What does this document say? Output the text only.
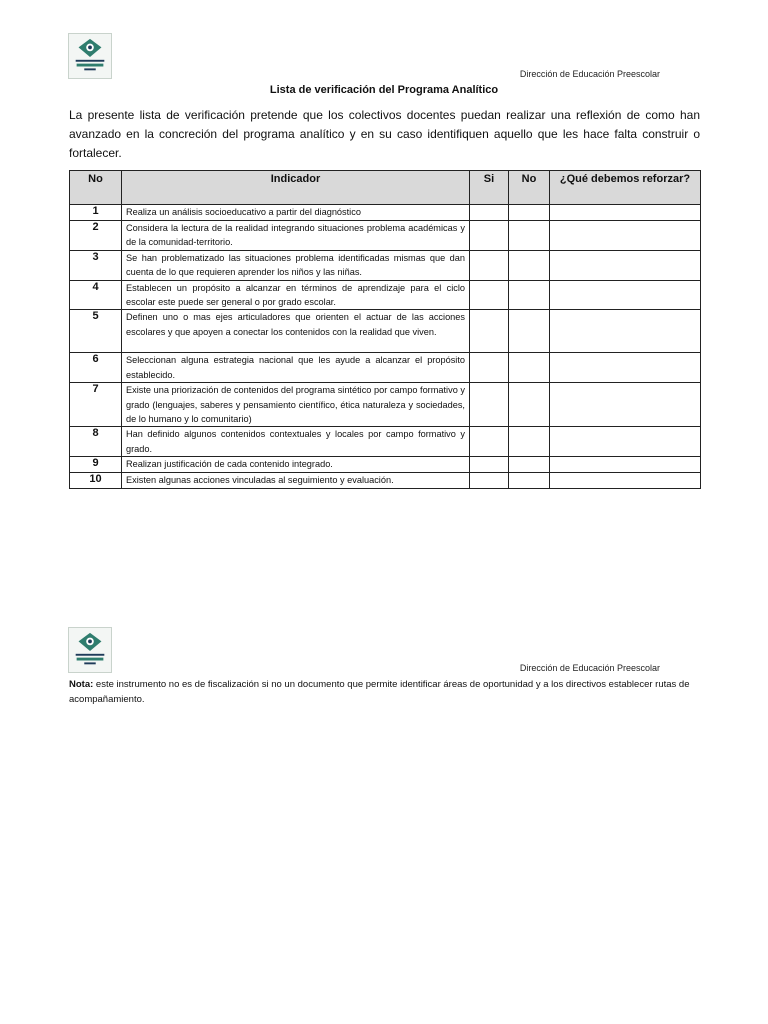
Dirección de Educación Preescolar
Lista de verificación del Programa Analítico

La presente lista de verificación pretende que los colectivos docentes puedan realizar una reflexión de como han avanzado en la concreción del programa analítico y en su caso identifiquen aquello que les hace falta construir o fortalecer.

No	Indicador	Si	No	¿Qué debemos reforzar?
1	Realiza un análisis socioeducativo a partir del diagnóstico			
2	Considera la lectura de la realidad integrando situaciones problema académicas y de la comunidad-territorio.			
3	Se han problematizado las situaciones problema identificadas mismas que dan cuenta de lo que requieren aprender los niños y las niñas.			
4	Establecen un propósito a alcanzar en términos de aprendizaje para el ciclo escolar este puede ser general o por grado escolar.			
5	Definen uno o mas ejes articuladores que orienten el actuar de las acciones escolares y que apoyen a conectar los contenidos con la realidad que viven.			
6	Seleccionan alguna estrategia nacional que les ayude a alcanzar el propósito establecido.			
7	Existe una priorización de contenidos del programa sintético por campo formativo y grado (lenguajes, saberes y pensamiento científico, ética naturaleza y sociedades, de lo humano y lo comunitario)			
8	Han definido algunos contenidos contextuales y locales por campo formativo y grado.			
9	Realizan justificación de cada contenido integrado.			
10	Existen algunas acciones vinculadas al seguimiento y evaluación.			
Dirección de Educación Preescolar

Nota: este instrumento no es de fiscalización si no un documento que permite identificar áreas de oportunidad y a los directivos establecer rutas de acompañamiento.
